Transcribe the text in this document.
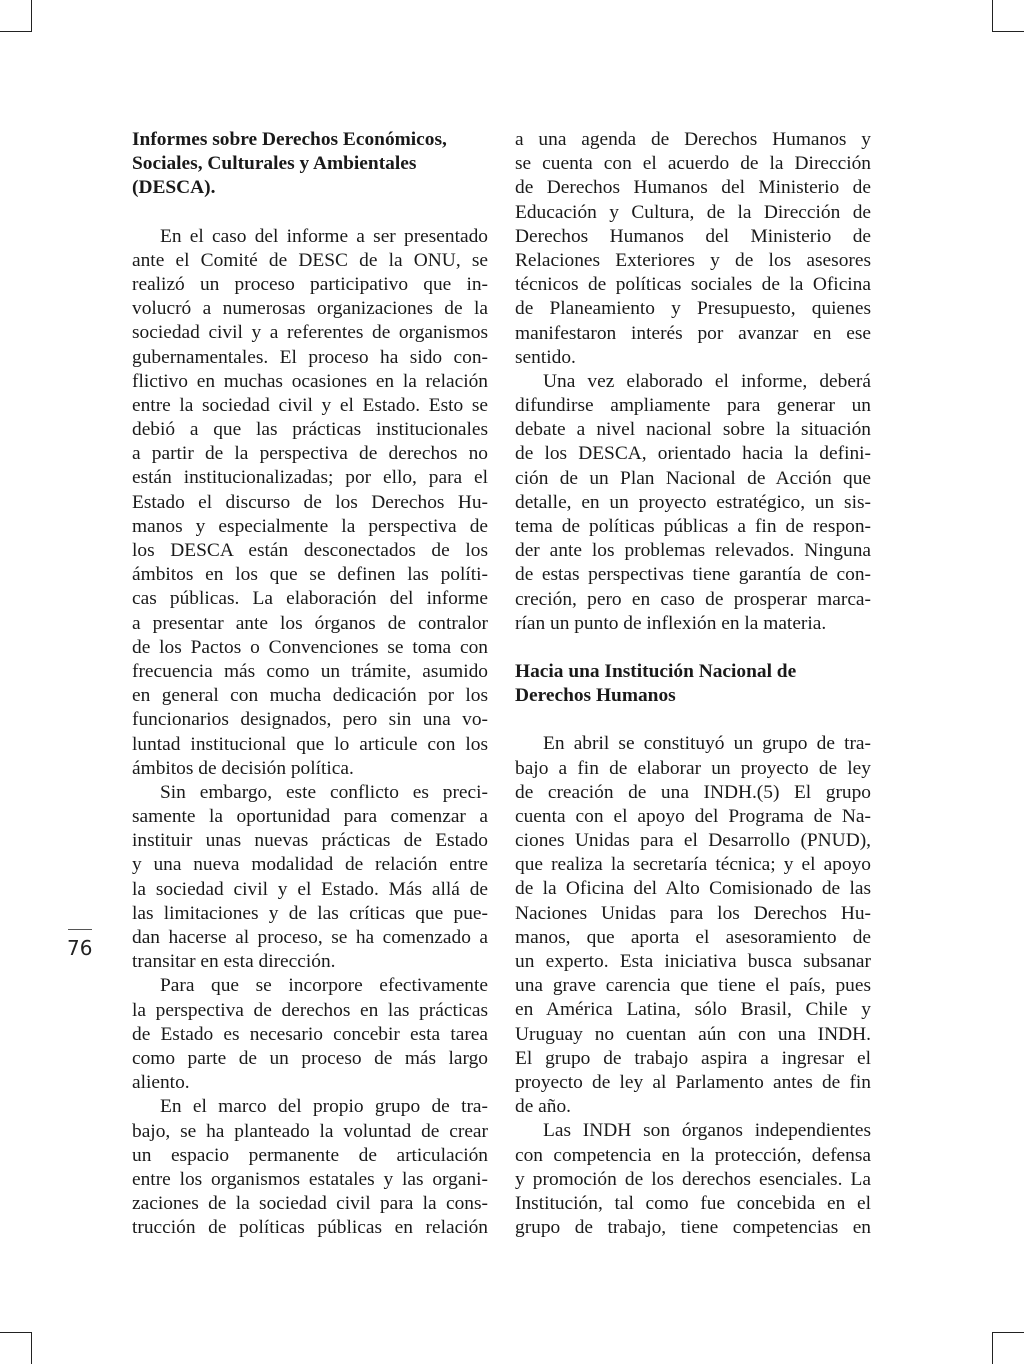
76
Informes sobre Derechos Económicos,
Sociales, Culturales y Ambientales
(DESCA).
En el caso del informe a ser presentado
ante el Comité de DESC de la ONU, se
realizó un proceso participativo que in-
volucró a numerosas organizaciones de la
sociedad civil y a referentes de organismos
gubernamentales. El proceso ha sido con-
flictivo en muchas ocasiones en la relación
entre la sociedad civil y el Estado. Esto se
debió a que las prácticas institucionales
a partir de la perspectiva de derechos no
están institucionalizadas; por ello, para el
Estado el discurso de los Derechos Hu-
manos y especialmente la perspectiva de
los DESCA están desconectados de los
ámbitos en los que se definen las políti-
cas públicas. La elaboración del informe
a presentar ante los órganos de contralor
de los Pactos o Convenciones se toma con
frecuencia más como un trámite, asumido
en general con mucha dedicación por los
funcionarios designados, pero sin una vo-
luntad institucional que lo articule con los
ámbitos de decisión política.
Sin embargo, este conflicto es preci-
samente la oportunidad para comenzar a
instituir unas nuevas prácticas de Estado
y una nueva modalidad de relación entre
la sociedad civil y el Estado. Más allá de
las limitaciones y de las críticas que pue-
dan hacerse al proceso, se ha comenzado a
transitar en esta dirección.
Para que se incorpore efectivamente
la perspectiva de derechos en las prácticas
de Estado es necesario concebir esta tarea
como parte de un proceso de más largo
aliento.
En el marco del propio grupo de tra-
bajo, se ha planteado la voluntad de crear
un espacio permanente de articulación
entre los organismos estatales y las organi-
zaciones de la sociedad civil para la cons-
trucción de políticas públicas en relación
a una agenda de Derechos Humanos y
se cuenta con el acuerdo de la Dirección
de Derechos Humanos del Ministerio de
Educación y Cultura, de la Dirección de
Derechos Humanos del Ministerio de
Relaciones Exteriores y de los asesores
técnicos de políticas sociales de la Oficina
de Planeamiento y Presupuesto, quienes
manifestaron interés por avanzar en ese
sentido.
Una vez elaborado el informe, deberá
difundirse ampliamente para generar un
debate a nivel nacional sobre la situación
de los DESCA, orientado hacia la defini-
ción de un Plan Nacional de Acción que
detalle, en un proyecto estratégico, un sis-
tema de políticas públicas a fin de respon-
der ante los problemas relevados. Ninguna
de estas perspectivas tiene garantía de con-
creción, pero en caso de prosperar marca-
rían un punto de inflexión en la materia.
Hacia una Institución Nacional de
Derechos Humanos
En abril se constituyó un grupo de tra-
bajo a fin de elaborar un proyecto de ley
de creación de una INDH.(5) El grupo
cuenta con el apoyo del Programa de Na-
ciones Unidas para el Desarrollo (PNUD),
que realiza la secretaría técnica; y el apoyo
de la Oficina del Alto Comisionado de las
Naciones Unidas para los Derechos Hu-
manos, que aporta el asesoramiento de
un experto. Esta iniciativa busca subsanar
una grave carencia que tiene el país, pues
en América Latina, sólo Brasil, Chile y
Uruguay no cuentan aún con una INDH.
El grupo de trabajo aspira a ingresar el
proyecto de ley al Parlamento antes de fin
de año.
Las INDH son órganos independientes
con competencia en la protección, defensa
y promoción de los derechos esenciales. La
Institución, tal como fue concebida en el
grupo de trabajo, tiene competencias en
